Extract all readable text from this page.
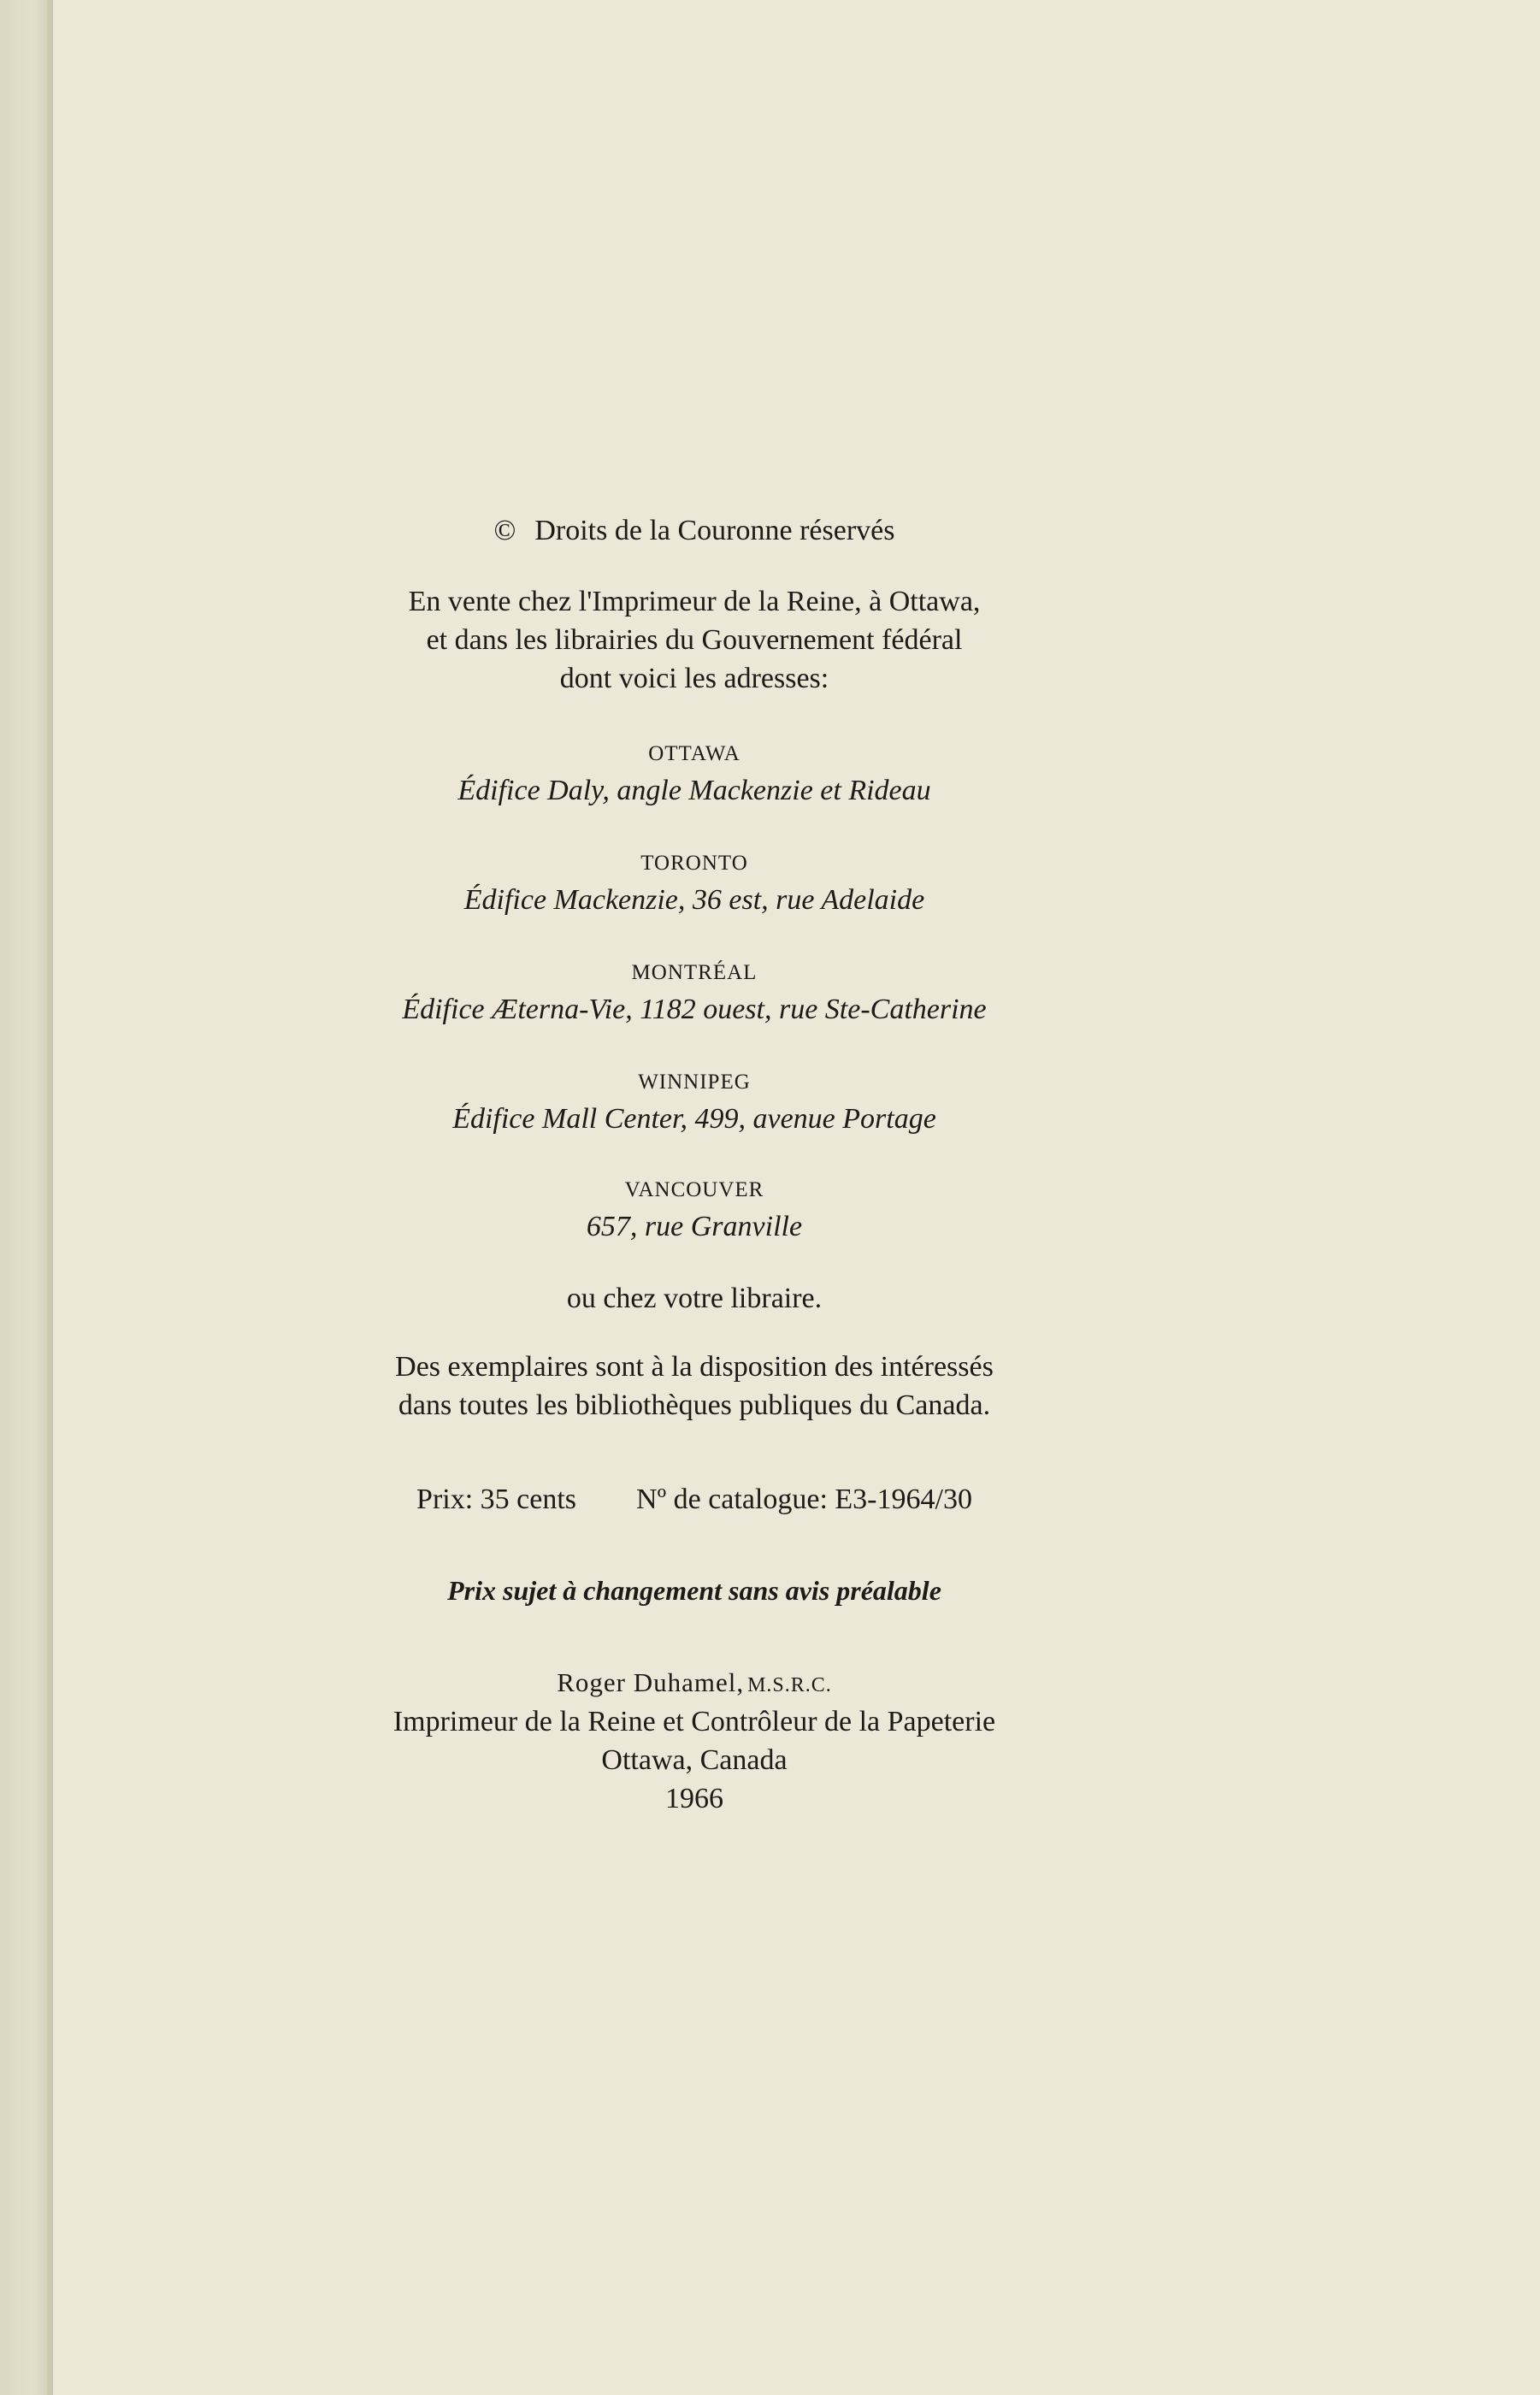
© Droits de la Couronne réservés
En vente chez l'Imprimeur de la Reine, à Ottawa,
et dans les librairies du Gouvernement fédéral
dont voici les adresses:
OTTAWA
Édifice Daly, angle Mackenzie et Rideau
TORONTO
Édifice Mackenzie, 36 est, rue Adelaide
MONTRÉAL
Édifice Æterna-Vie, 1182 ouest, rue Ste-Catherine
WINNIPEG
Édifice Mall Center, 499, avenue Portage
VANCOUVER
657, rue Granville
ou chez votre libraire.
Des exemplaires sont à la disposition des intéressés
dans toutes les bibliothèques publiques du Canada.
Prix: 35 cents Nº de catalogue: E3-1964/30
Prix sujet à changement sans avis préalable
Roger Duhamel, M.S.R.C.
Imprimeur de la Reine et Contrôleur de la Papeterie
Ottawa, Canada
1966
